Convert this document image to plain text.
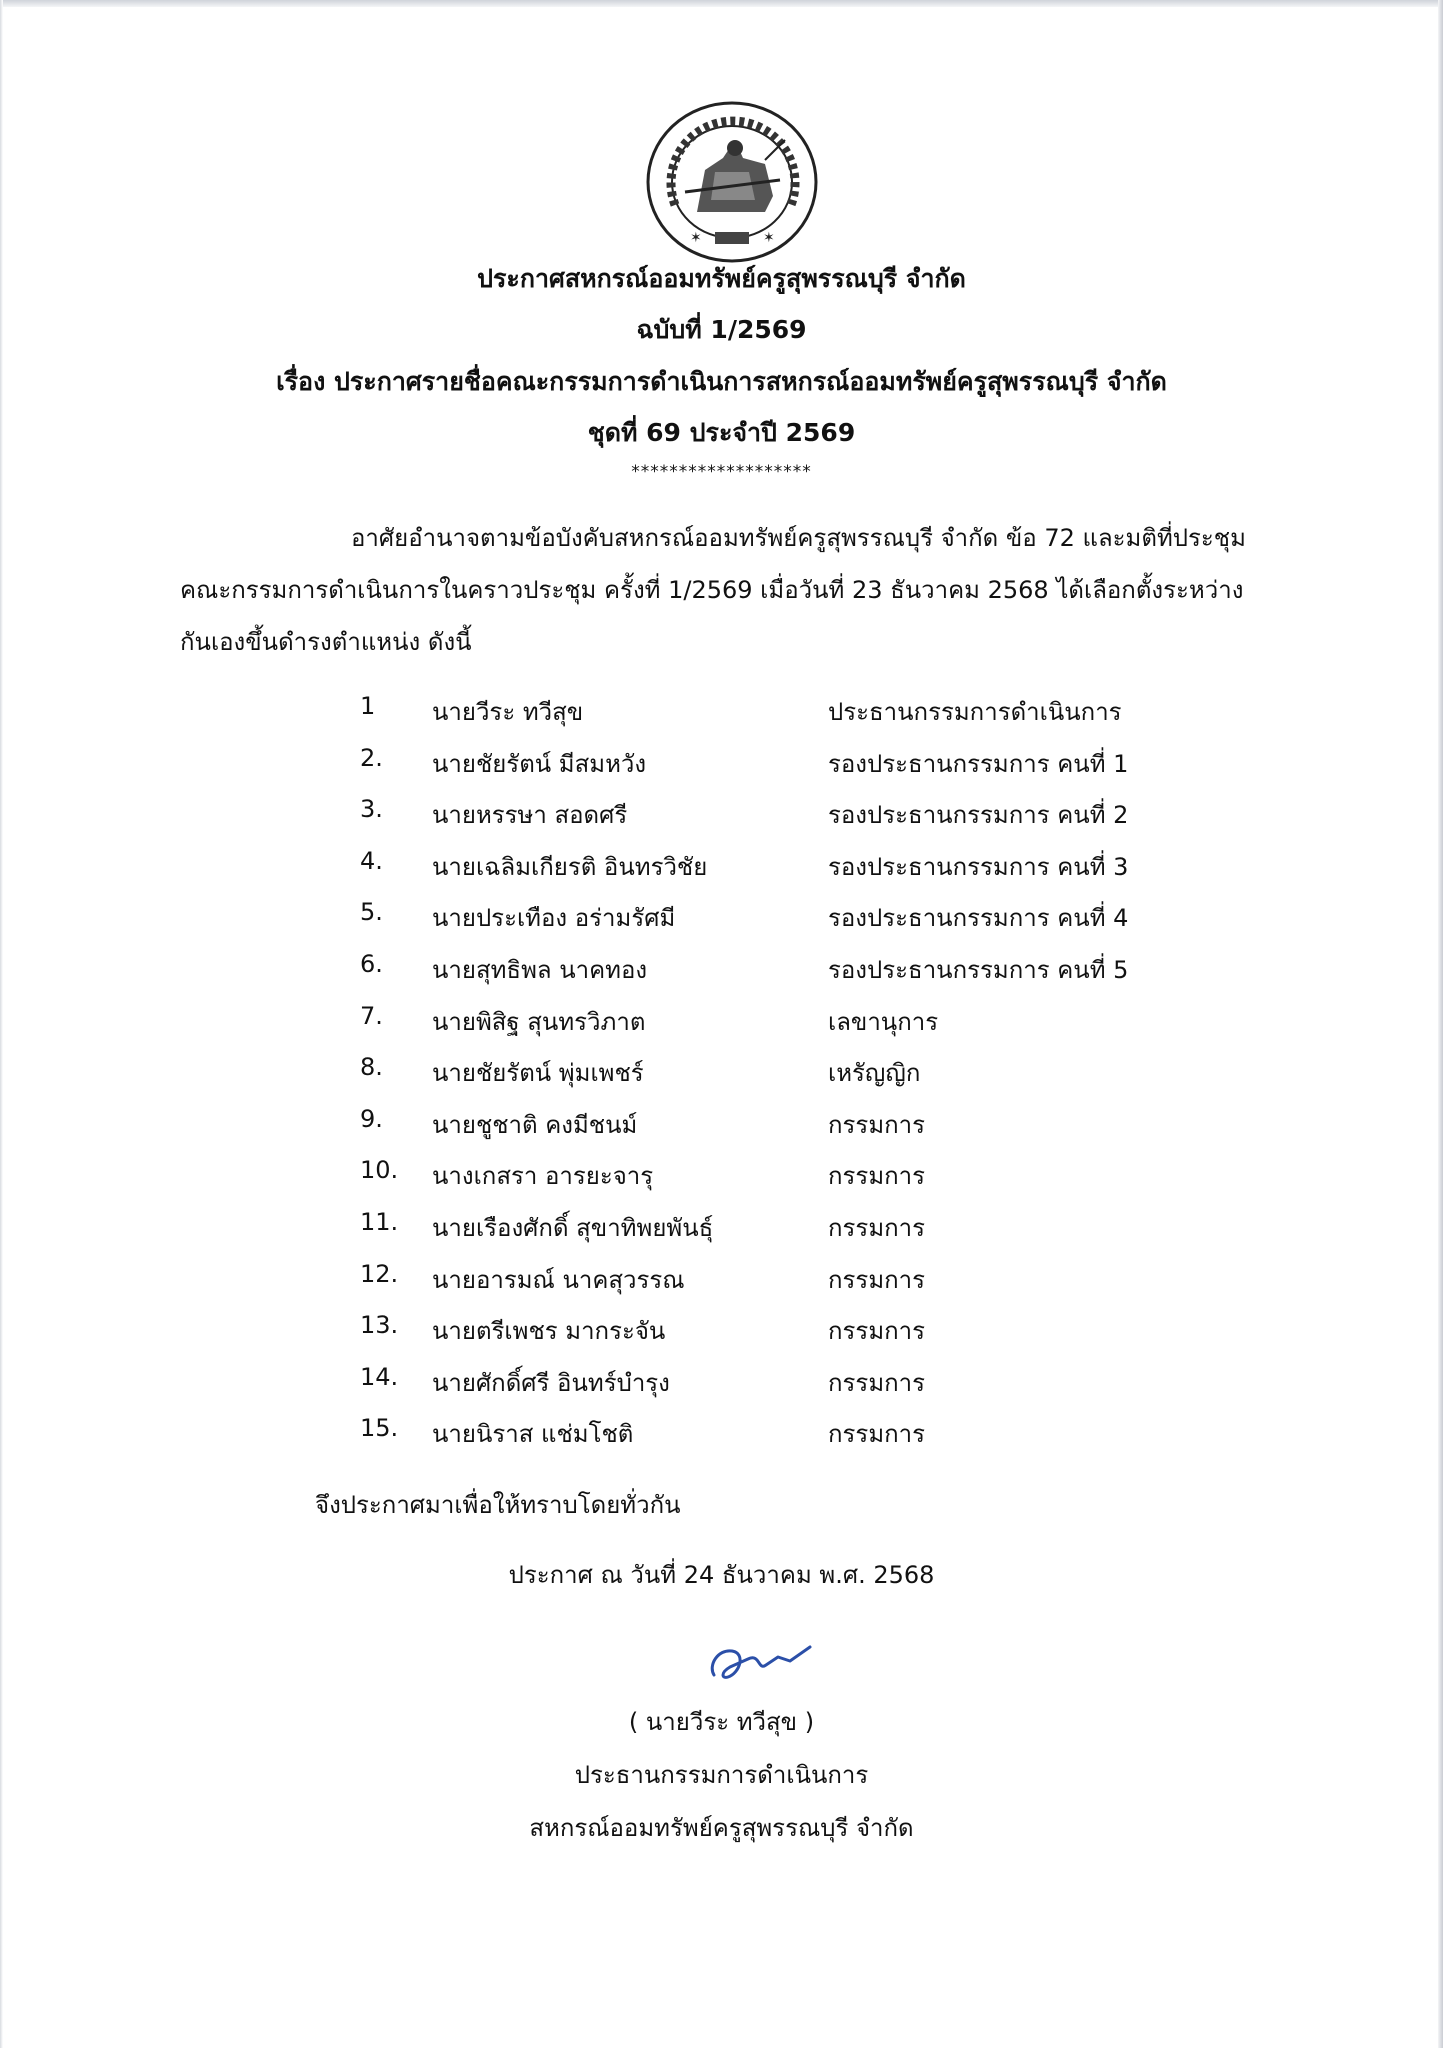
✶	✶
ประกาศสหกรณ์ออมทรัพย์ครูสุพรรณบุรี จำกัด
ฉบับที่ 1/2569
เรื่อง ประกาศรายชื่อคณะกรรมการดำเนินการสหกรณ์ออมทรัพย์ครูสุพรรณบุรี จำกัด
ชุดที่ 69 ประจำปี 2569
*******************
อาศัยอำนาจตามข้อบังคับสหกรณ์ออมทรัพย์ครูสุพรรณบุรี จำกัด ข้อ 72 และมติที่ประชุม
คณะกรรมการดำเนินการในคราวประชุม ครั้งที่ 1/2569 เมื่อวันที่ 23 ธันวาคม 2568 ได้เลือกตั้งระหว่าง
กันเองขึ้นดำรงตำแหน่ง ดังนี้
1	นายวีระ ทวีสุข	ประธานกรรมการดำเนินการ
2.	นายชัยรัตน์ มีสมหวัง	รองประธานกรรมการ คนที่ 1
3.	นายหรรษา สอดศรี	รองประธานกรรมการ คนที่ 2
4.	นายเฉลิมเกียรติ อินทรวิชัย	รองประธานกรรมการ คนที่ 3
5.	นายประเทือง อร่ามรัศมี	รองประธานกรรมการ คนที่ 4
6.	นายสุทธิพล นาคทอง	รองประธานกรรมการ คนที่ 5
7.	นายพิสิฐ สุนทรวิภาต	เลขานุการ
8.	นายชัยรัตน์ พุ่มเพชร์	เหรัญญิก
9.	นายชูชาติ คงมีชนม์	กรรมการ
10.	นางเกสรา อารยะจารุ	กรรมการ
11.	นายเรืองศักดิ์ สุขาทิพยพันธุ์	กรรมการ
12.	นายอารมณ์ นาคสุวรรณ	กรรมการ
13.	นายตรีเพชร มากระจัน	กรรมการ
14.	นายศักดิ์ศรี อินทร์บำรุง	กรรมการ
15.	นายนิราส แช่มโชติ	กรรมการ
จึงประกาศมาเพื่อให้ทราบโดยทั่วกัน
ประกาศ ณ วันที่ 24 ธันวาคม พ.ศ. 2568
( นายวีระ ทวีสุข )
ประธานกรรมการดำเนินการ
สหกรณ์ออมทรัพย์ครูสุพรรณบุรี จำกัด
